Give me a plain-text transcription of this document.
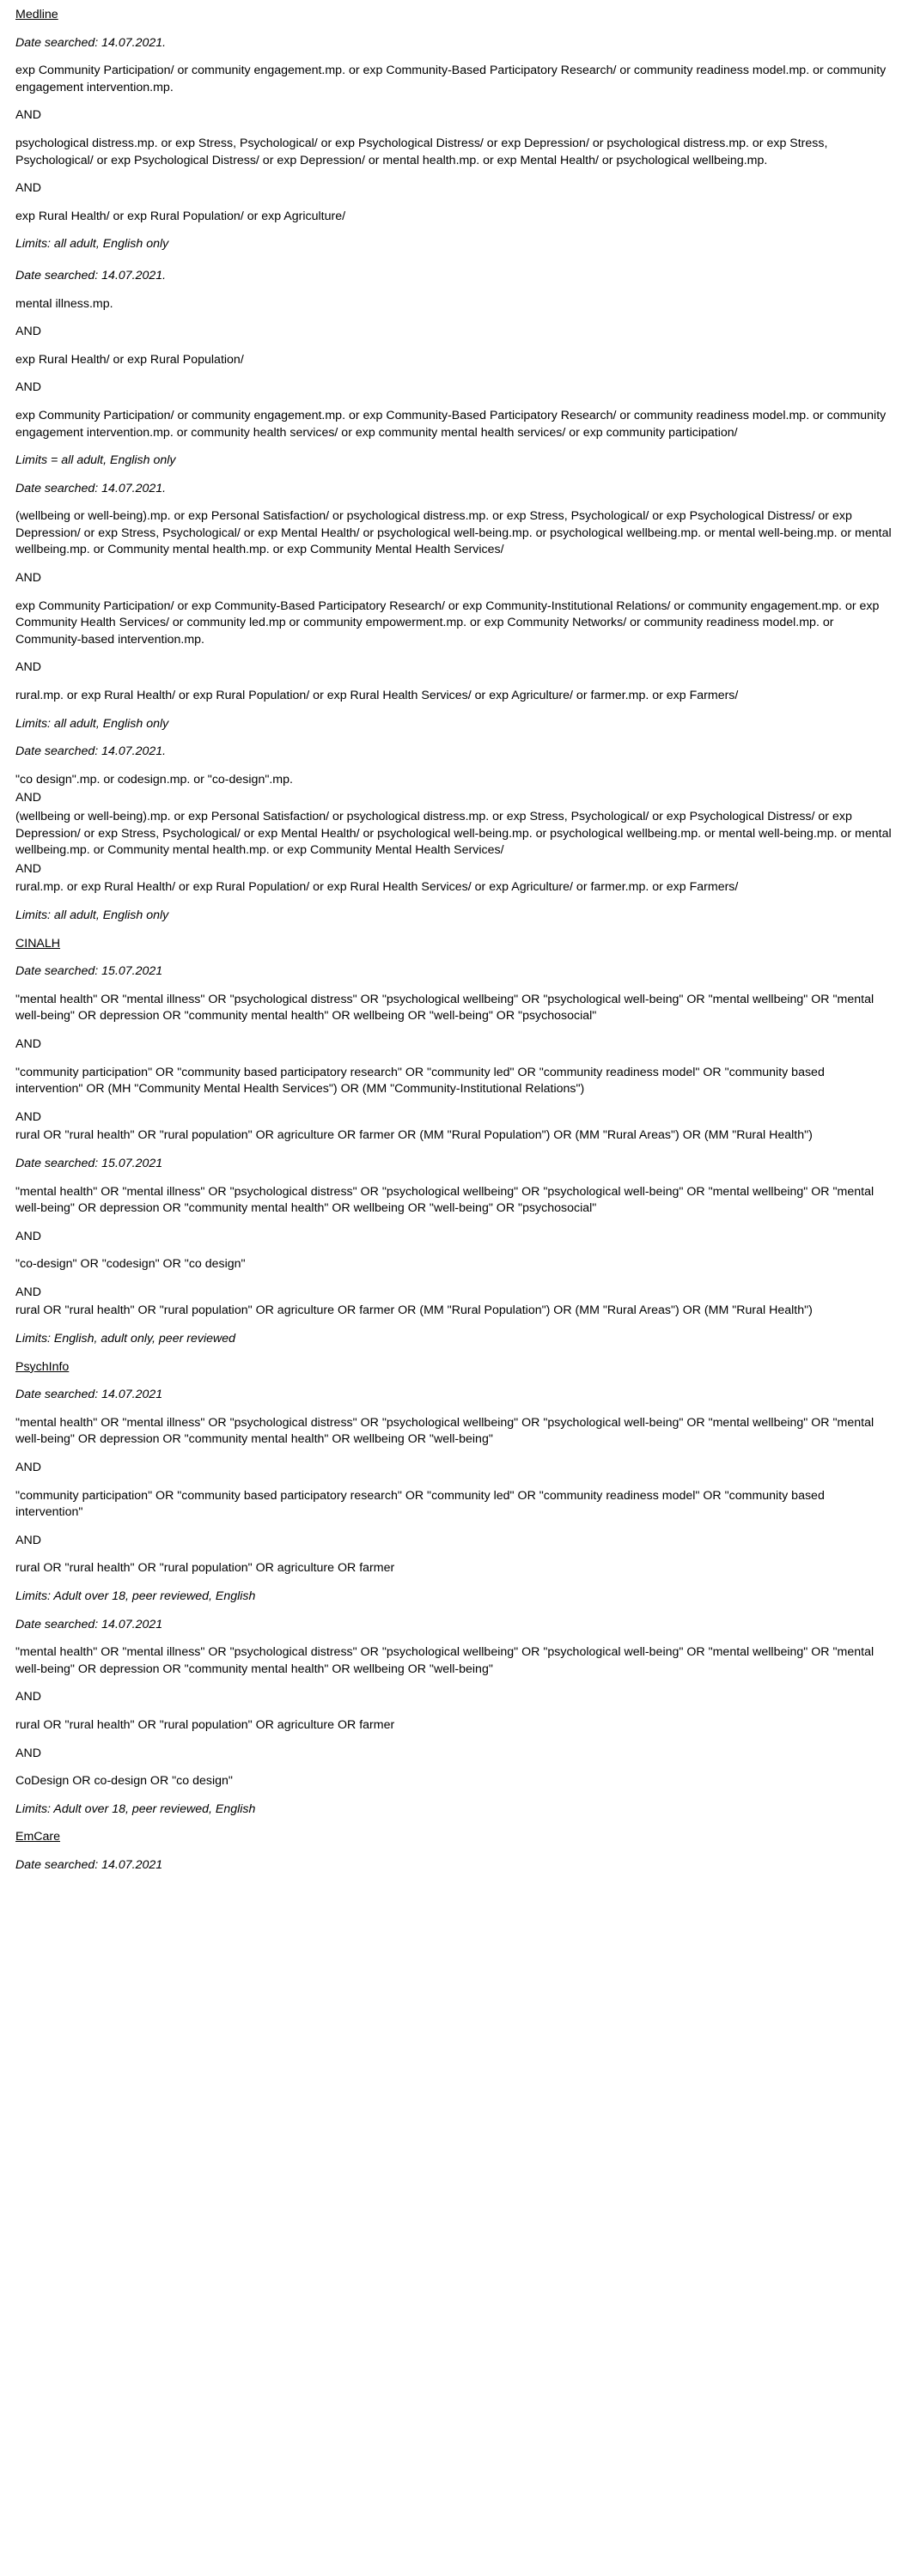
Medline

Date searched: 14.07.2021.

exp Community Participation/ or community engagement.mp. or exp Community-Based Participatory Research/ or community readiness model.mp. or community engagement intervention.mp.

AND

psychological distress.mp. or exp Stress, Psychological/ or exp Psychological Distress/ or exp Depression/ or psychological distress.mp. or exp Stress, Psychological/ or exp Psychological Distress/ or exp Depression/ or mental health.mp. or exp Mental Health/ or psychological wellbeing.mp.

AND

exp Rural Health/ or exp Rural Population/ or exp Agriculture/

Limits: all adult, English only

Date searched: 14.07.2021.

mental illness.mp.

AND

exp Rural Health/ or exp Rural Population/

AND

exp Community Participation/ or community engagement.mp. or exp Community-Based Participatory Research/ or community readiness model.mp. or community engagement intervention.mp. or community health services/ or exp community mental health services/ or exp community participation/

Limits = all adult, English only

Date searched: 14.07.2021.

(wellbeing or well-being).mp. or exp Personal Satisfaction/ or psychological distress.mp. or exp Stress, Psychological/ or exp Psychological Distress/ or exp Depression/ or exp Stress, Psychological/ or exp Mental Health/ or psychological well-being.mp. or psychological wellbeing.mp. or mental well-being.mp. or mental wellbeing.mp. or Community mental health.mp. or exp Community Mental Health Services/

AND

exp Community Participation/ or exp Community-Based Participatory Research/ or exp Community-Institutional Relations/ or community engagement.mp. or exp Community Health Services/ or community led.mp or community empowerment.mp. or exp Community Networks/ or community readiness model.mp. or Community-based intervention.mp.

AND

rural.mp. or exp Rural Health/ or exp Rural Population/ or exp Rural Health Services/ or exp Agriculture/ or farmer.mp. or exp Farmers/

Limits: all adult, English only

Date searched: 14.07.2021.

"co design".mp. or codesign.mp. or "co-design".mp.

AND

(wellbeing or well-being).mp. or exp Personal Satisfaction/ or psychological distress.mp. or exp Stress, Psychological/ or exp Psychological Distress/ or exp Depression/ or exp Stress, Psychological/ or exp Mental Health/ or psychological well-being.mp. or psychological wellbeing.mp. or mental well-being.mp. or mental wellbeing.mp. or Community mental health.mp. or exp Community Mental Health Services/

AND

rural.mp. or exp Rural Health/ or exp Rural Population/ or exp Rural Health Services/ or exp Agriculture/ or farmer.mp. or exp Farmers/

Limits: all adult, English only

CINALH

Date searched: 15.07.2021

"mental health" OR "mental illness" OR "psychological distress" OR "psychological wellbeing" OR "psychological well-being" OR "mental wellbeing" OR "mental well-being" OR depression OR "community mental health" OR wellbeing OR "well-being" OR "psychosocial"

AND

"community participation" OR "community based participatory research" OR "community led" OR "community readiness model" OR "community based intervention" OR (MH "Community Mental Health Services") OR (MM "Community-Institutional Relations")

AND

rural OR "rural health" OR "rural population" OR agriculture OR farmer OR (MM "Rural Population") OR (MM "Rural Areas") OR (MM "Rural Health")

Date searched: 15.07.2021

"mental health" OR "mental illness" OR "psychological distress" OR "psychological wellbeing" OR "psychological well-being" OR "mental wellbeing" OR "mental well-being" OR depression OR "community mental health" OR wellbeing OR "well-being" OR "psychosocial"

AND

"co-design" OR "codesign" OR "co design"

AND

rural OR "rural health" OR "rural population" OR agriculture OR farmer OR (MM "Rural Population") OR (MM "Rural Areas") OR (MM "Rural Health")

Limits: English, adult only, peer reviewed

PsychInfo

Date searched: 14.07.2021

"mental health" OR "mental illness" OR "psychological distress" OR "psychological wellbeing" OR "psychological well-being" OR "mental wellbeing" OR "mental well-being" OR depression OR "community mental health" OR wellbeing OR "well-being"

AND

"community participation" OR "community based participatory research" OR "community led" OR "community readiness model" OR "community based intervention"

AND

rural OR "rural health" OR "rural population" OR agriculture OR farmer

Limits: Adult over 18, peer reviewed, English

Date searched: 14.07.2021

"mental health" OR "mental illness" OR "psychological distress" OR "psychological wellbeing" OR "psychological well-being" OR "mental wellbeing" OR "mental well-being" OR depression OR "community mental health" OR wellbeing OR "well-being"

AND

rural OR "rural health" OR "rural population" OR agriculture OR farmer

AND

CoDesign OR co-design OR "co design"

Limits: Adult over 18, peer reviewed, English

EmCare

Date searched: 14.07.2021
